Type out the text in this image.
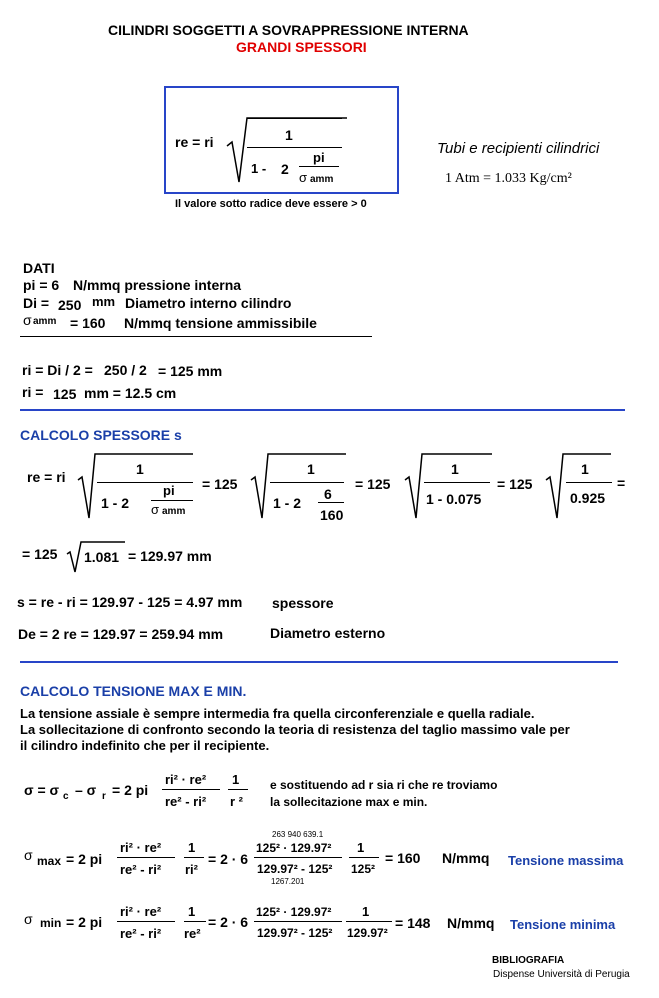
CILINDRI SOGGETTI A SOVRAPPRESSIONE INTERNA
GRANDI SPESSORI
re = ri	1
1 - 2
pi
σ amm
Il valore sotto radice deve essere > 0
Tubi e recipienti cilindrici
1 Atm = 1.033 Kg/cm²
DATI
pi = 6 N/mmq pressione interna
Di = 250 mm Diametro interno cilindro
σ amm = 160 N/mmq tensione ammissibile
ri = Di / 2 = 250 / 2 = 125 mm
ri = 125 mm = 12.5 cm
CALCOLO SPESSORE s
re = ri	1
1 - 2
pi
σ amm
= 125
1
1 - 2
6
160
= 125
1
1 - 0.075
= 125
1
0.925
=
= 125 1.081 = 129.97 mm
s = re - ri = 129.97 - 125 = 4.97 mm spessore
De = 2 re = 129.97 = 259.94 mm	Diametro esterno
CALCOLO TENSIONE MAX E MIN.
La tensione assiale è sempre intermedia fra quella circonferenziale e quella radiale.
La sollecitazione di confronto secondo la teoria di resistenza del taglio massimo vale per
il cilindro indefinito che per il recipiente.
σ = σ c – σ r = 2 pi
ri² · re²
re² - ri²
1
r ²
e sostituendo ad r sia ri che re troviamo
la sollecitazione max e min.
σ max = 2 pi
ri² · re²
re² - ri²
1
ri²
= 2 · 6
263 940 639.1
125² · 129.97²
129.97² - 125²
1267.201
1
125²
= 160 N/mmq Tensione massima
σ min = 2 pi
ri² · re²
re² - ri²
1
re²
= 2 · 6
125² · 129.97²
129.97² - 125²
1
129.97²
= 148 N/mmq Tensione minima
BIBLIOGRAFIA
Dispense Università di Perugia
